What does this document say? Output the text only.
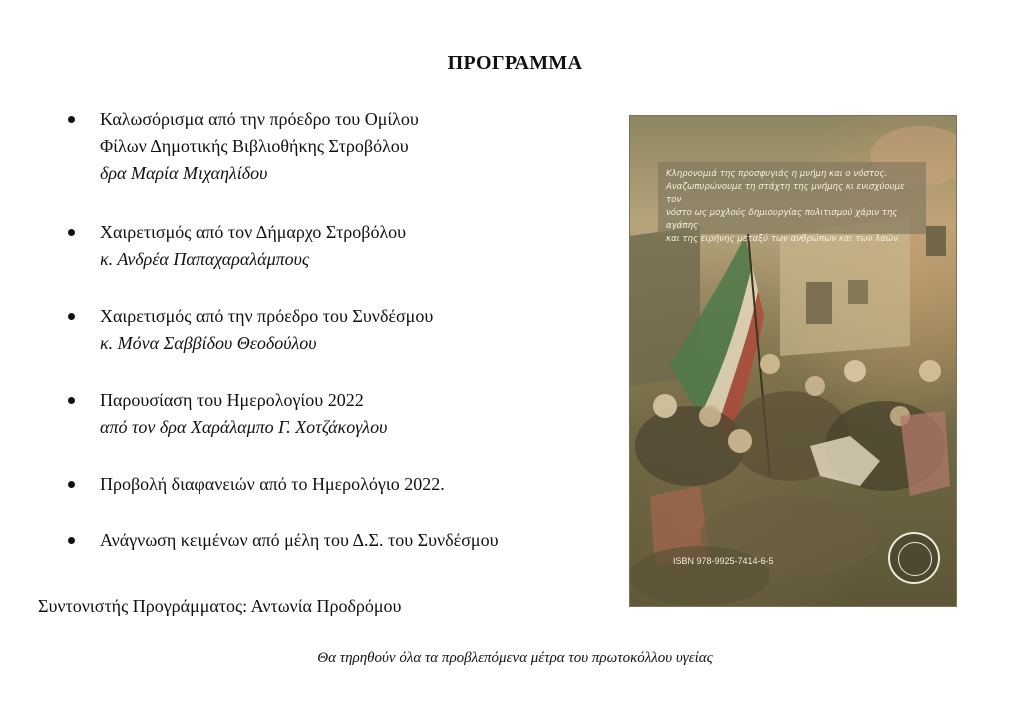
ΠΡΟΓΡΑΜΜΑ
Καλωσόρισμα από την πρόεδρο του Ομίλου
Φίλων Δημοτικής Βιβλιοθήκης Στροβόλου
δρα Μαρία Μιχαηλίδου
Χαιρετισμός από τον Δήμαρχο Στροβόλου
κ. Ανδρέα Παπαχαραλάμπους
Χαιρετισμός από την πρόεδρο του Συνδέσμου
κ. Μόνα Σαββίδου Θεοδούλου
Παρουσίαση του Ημερολογίου 2022
από τον δρα Χαράλαμπο Γ. Χοτζάκογλου
Προβολή διαφανειών από το Ημερολόγιο 2022.
Ανάγνωση κειμένων από μέλη του Δ.Σ. του Συνδέσμου
Συντονιστής Προγράμματος: Αντωνία Προδρόμου
Κληρονομιά της προσφυγιάς η μνήμη και ο νόστος.
Αναζωπυρώνουμε τη στάχτη της μνήμης κι ενισχύουμε τον
νόστο ως μοχλούς δημιουργίας πολιτισμού χάριν της αγάπης
και της ειρήνης μεταξύ των ανθρώπων και των λαών.
ISBN 978-9925-7414-6-5
Θα τηρηθούν όλα τα προβλεπόμενα μέτρα του πρωτοκόλλου υγείας
